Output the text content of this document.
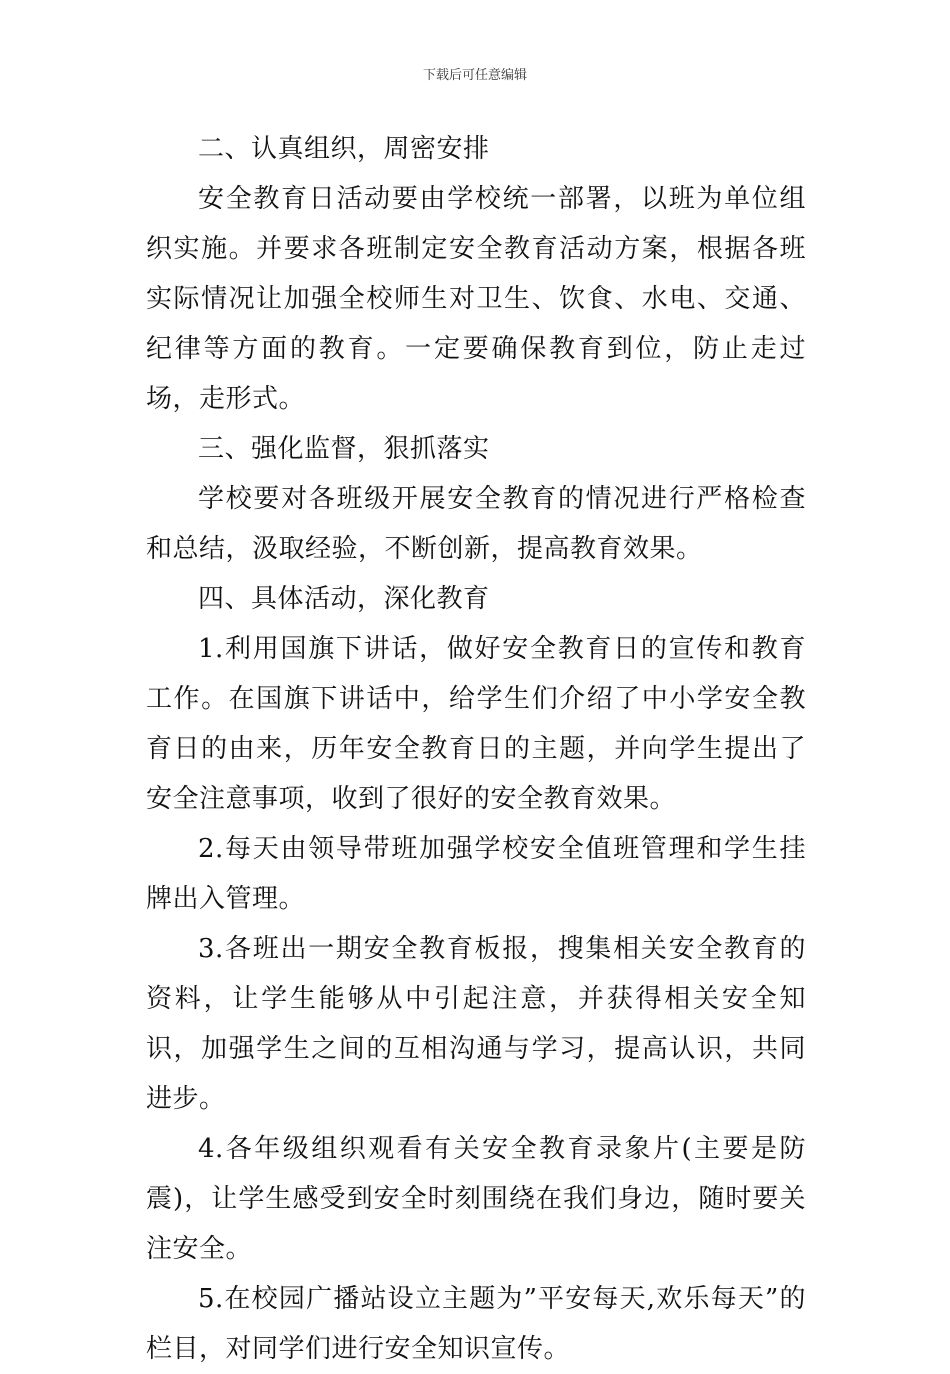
下载后可任意编辑

二、认真组织，周密安排

安全教育日活动要由学校统一部署，以班为单位组织实施。并要求各班制定安全教育活动方案，根据各班实际情况让加强全校师生对卫生、饮食、水电、交通、纪律等方面的教育。一定要确保教育到位，防止走过场，走形式。

三、强化监督，狠抓落实

学校要对各班级开展安全教育的情况进行严格检查和总结，汲取经验，不断创新，提高教育效果。

四、具体活动，深化教育

1.利用国旗下讲话，做好安全教育日的宣传和教育工作。在国旗下讲话中，给学生们介绍了中小学安全教育日的由来，历年安全教育日的主题，并向学生提出了安全注意事项，收到了很好的安全教育效果。

2.每天由领导带班加强学校安全值班管理和学生挂牌出入管理。

3.各班出一期安全教育板报，搜集相关安全教育的资料，让学生能够从中引起注意，并获得相关安全知识，加强学生之间的互相沟通与学习，提高认识，共同进步。

4.各年级组织观看有关安全教育录象片(主要是防震)，让学生感受到安全时刻围绕在我们身边，随时要关注安全。

5.在校园广播站设立主题为”平安每天,欢乐每天”的栏目，对同学们进行安全知识宣传。
